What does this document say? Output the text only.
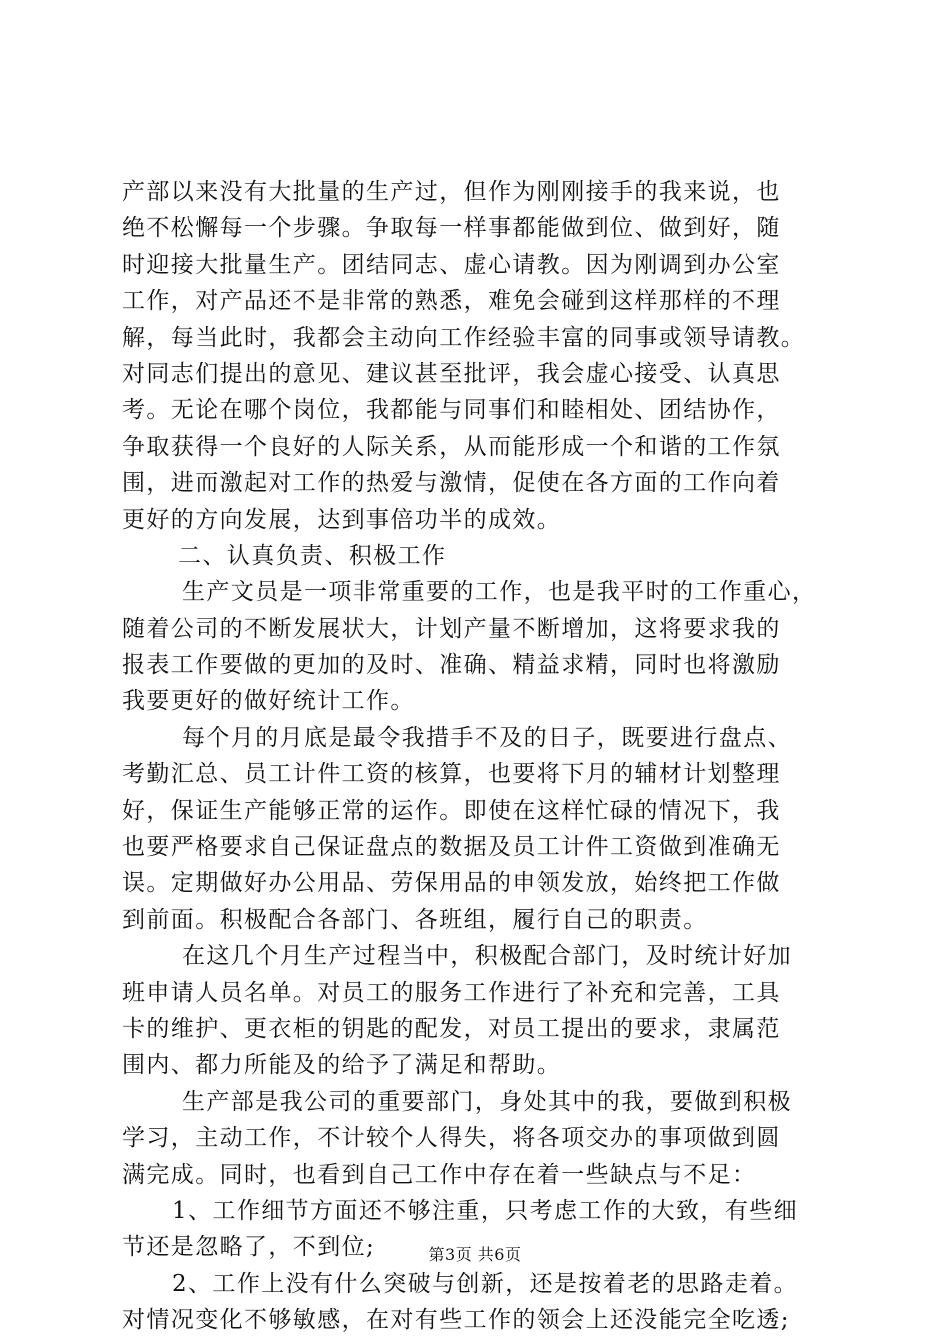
产部以来没有大批量的生产过，但作为刚刚接手的我来说，也
绝不松懈每一个步骤。争取每一样事都能做到位、做到好，随
时迎接大批量生产。团结同志、虚心请教。因为刚调到办公室
工作，对产品还不是非常的熟悉，难免会碰到这样那样的不理
解，每当此时，我都会主动向工作经验丰富的同事或领导请教。
对同志们提出的意见、建议甚至批评，我会虚心接受、认真思
考。无论在哪个岗位，我都能与同事们和睦相处、团结协作，
争取获得一个良好的人际关系，从而能形成一个和谐的工作氛
围，进而激起对工作的热爱与激情，促使在各方面的工作向着
更好的方向发展，达到事倍功半的成效。
二、认真负责、积极工作
生产文员是一项非常重要的工作，也是我平时的工作重心，
随着公司的不断发展状大，计划产量不断增加，这将要求我的
报表工作要做的更加的及时、准确、精益求精，同时也将激励
我要更好的做好统计工作。
每个月的月底是最令我措手不及的日子，既要进行盘点、
考勤汇总、员工计件工资的核算，也要将下月的辅材计划整理
好，保证生产能够正常的运作。即使在这样忙碌的情况下，我
也要严格要求自己保证盘点的数据及员工计件工资做到准确无
误。定期做好办公用品、劳保用品的申领发放，始终把工作做
到前面。积极配合各部门、各班组，履行自己的职责。
在这几个月生产过程当中，积极配合部门，及时统计好加
班申请人员名单。对员工的服务工作进行了补充和完善，工具
卡的维护、更衣柜的钥匙的配发，对员工提出的要求，隶属范
围内、都力所能及的给予了满足和帮助。
生产部是我公司的重要部门，身处其中的我，要做到积极
学习，主动工作，不计较个人得失，将各项交办的事项做到圆
满完成。同时，也看到自己工作中存在着一些缺点与不足：
1、工作细节方面还不够注重，只考虑工作的大致，有些细
节还是忽略了，不到位;
2、工作上没有什么突破与创新，还是按着老的思路走着。
对情况变化不够敏感，在对有些工作的领会上还没能完全吃透;
第3页 共6页
